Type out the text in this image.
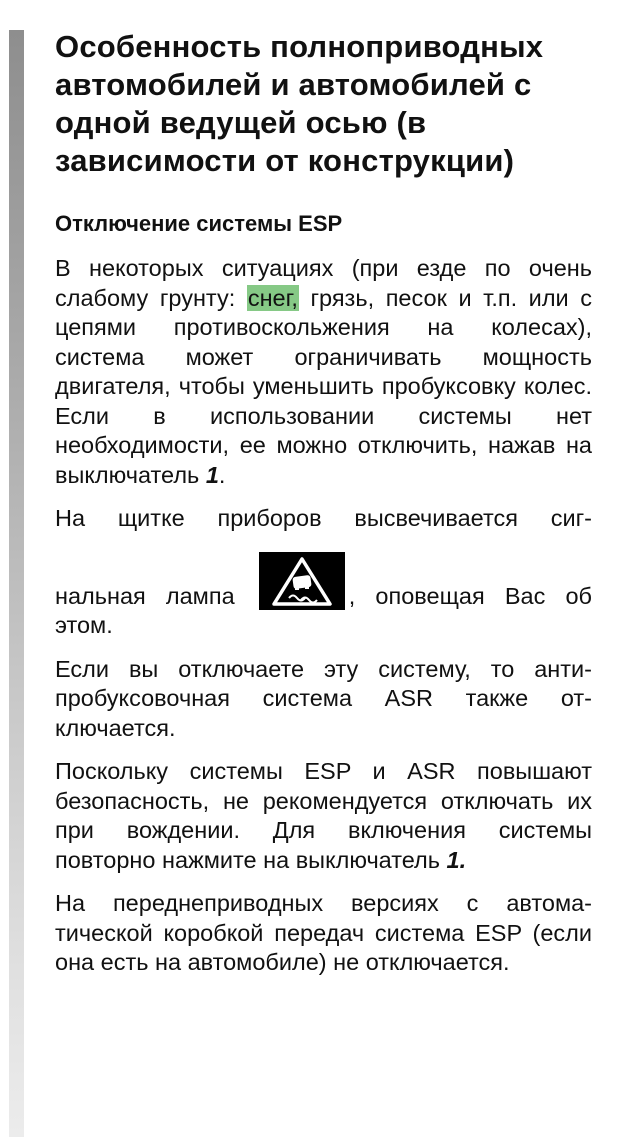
Особенность полноприводных автомобилей и автомобилей с одной ведущей осью (в зависимости от конструкции)
Отключение системы ESP

В некоторых ситуациях (при езде по очень слабому грунту: снег, грязь, песок и т.п. или с цепями противоскольжения на колесах), система может ограничивать мощность двигателя, чтобы уменьшить пробуксовку колес. Если в использовании системы нет необходимости, ее можно отключить, нажав на выключатель 1.

На щитке приборов высвечивается сиг-
нальная лампа	, оповещая Вас об
этом.

Если вы отключаете эту систему, то антипробуксовочная система ASR также отключается.

Поскольку системы ESP и ASR повышают безопасность, не рекомендуется отключать их при вождении. Для включения системы повторно нажмите на выключатель 1.

На переднеприводных версиях с автоматической коробкой передач система ESP (если она есть на автомобиле) не отключается.
